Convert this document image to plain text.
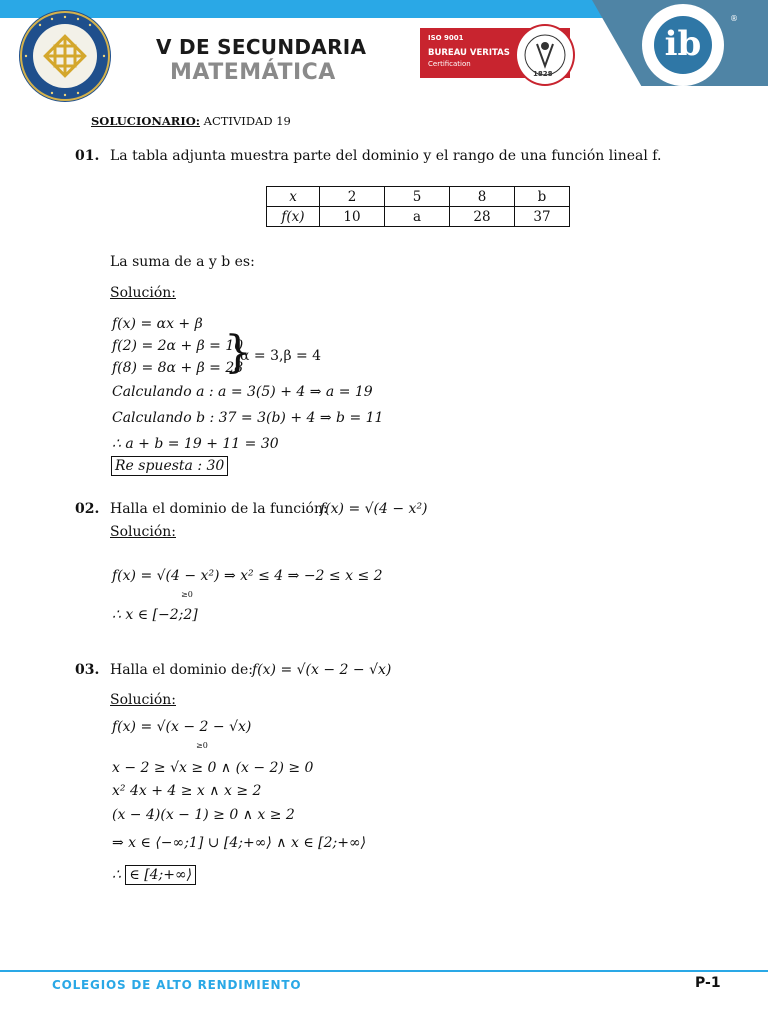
V DE SECUNDARIA
MATEMÁTICA
ISO 9001
BUREAU VERITAS
Certification
1828
ib
®
SOLUCIONARIO: ACTIVIDAD 19
01. La tabla adjunta muestra parte del dominio y el rango de una función lineal f.
x	2	5	8	b
f(x)	10	a	28	37
La suma de a y b es:
Solución:
f(x) = αx + β
f(2) = 2α + β = 10
f(8) = 8α + β = 28
}
α = 3,β = 4
Calculando a : a = 3(5) + 4 ⇒ a = 19
Calculando b : 37 = 3(b) + 4 ⇒ b = 11
∴ a + b = 19 + 11 = 30
Re spuesta : 30
02. Halla el dominio de la función:
f(x) = √(4 − x²)
Solución:
f(x) = √(4 − x²) ⇒ x² ≤ 4 ⇒ −2 ≤ x ≤ 2
≥0
∴ x ∈ [−2;2]
03. Halla el dominio de:
f(x) = √(x − 2 − √x)
Solución:
f(x) = √(x − 2 − √x)
≥0
x − 2 ≥ √x ≥ 0 ∧ (x − 2) ≥ 0
x² 4x + 4 ≥ x ∧ x ≥ 2
(x − 4)(x − 1) ≥ 0 ∧ x ≥ 2
⇒ x ∈ ⟨−∞;1] ∪ [4;+∞⟩ ∧ x ∈ [2;+∞⟩
∴ ∈ [4;+∞⟩
COLEGIOS DE ALTO RENDIMIENTO	P-1
